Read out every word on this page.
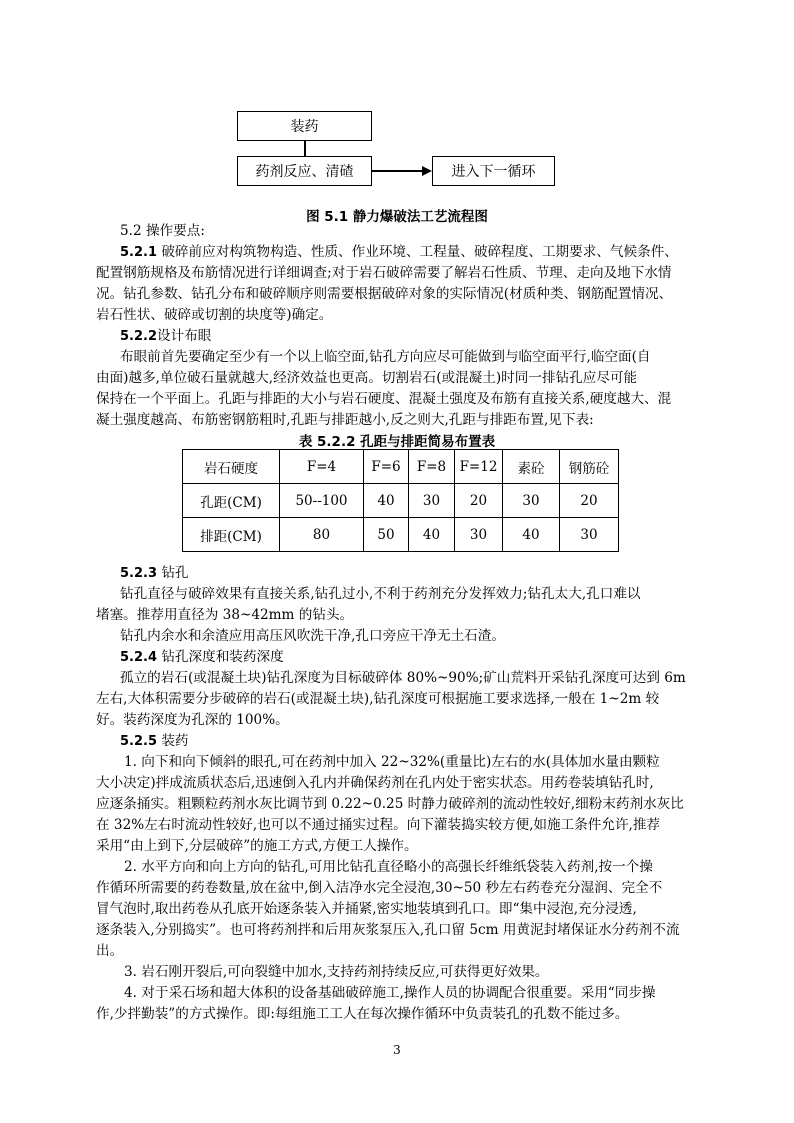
装药
药剂反应、清碴	进入下一循环
图 5.1 静力爆破法工艺流程图
5.2 操作要点:
5.2.1 破碎前应对构筑物构造、性质、作业环境、工程量、破碎程度、工期要求、气候条件、
配置钢筋规格及布筋情况进行详细调查;对于岩石破碎需要了解岩石性质、节理、走向及地下水情
况。钻孔参数、钻孔分布和破碎顺序则需要根据破碎对象的实际情况(材质种类、钢筋配置情况、
岩石性状、破碎或切割的块度等)确定。
5.2.2设计布眼
布眼前首先要确定至少有一个以上临空面,钻孔方向应尽可能做到与临空面平行,临空面(自
由面)越多,单位破石量就越大,经济效益也更高。切割岩石(或混凝土)时同一排钻孔应尽可能
保持在一个平面上。孔距与排距的大小与岩石硬度、混凝土强度及布筋有直接关系,硬度越大、混
凝土强度越高、布筋密钢筋粗时,孔距与排距越小,反之则大,孔距与排距布置,见下表:
表 5.2.2 孔距与排距简易布置表
岩石硬度	F=4	F=6	F=8	F=12	素砼	钢筋砼
孔距(CM)	50--100	40	30	20	30	20
排距(CM)	80	50	40	30	40	30
5.2.3 钻孔
钻孔直径与破碎效果有直接关系,钻孔过小,不利于药剂充分发挥效力;钻孔太大,孔口难以
堵塞。推荐用直径为 38~42mm 的钻头。
钻孔内余水和余渣应用高压风吹洗干净,孔口旁应干净无土石渣。
5.2.4 钻孔深度和装药深度
孤立的岩石(或混凝土块)钻孔深度为目标破碎体 80%~90%;矿山荒料开采钻孔深度可达到 6m
左右,大体积需要分步破碎的岩石(或混凝土块),钻孔深度可根据施工要求选择,一般在 1~2m 较
好。装药深度为孔深的 100%。
5.2.5 装药
1. 向下和向下倾斜的眼孔,可在药剂中加入 22~32%(重量比)左右的水(具体加水量由颗粒
大小决定)拌成流质状态后,迅速倒入孔内并确保药剂在孔内处于密实状态。用药卷装填钻孔时,
应逐条捅实。粗颗粒药剂水灰比调节到 0.22~0.25 时静力破碎剂的流动性较好,细粉末药剂水灰比
在 32%左右时流动性较好,也可以不通过捅实过程。向下灌装捣实较方便,如施工条件允许,推荐
采用“由上到下,分层破碎”的施工方式,方便工人操作。
2. 水平方向和向上方向的钻孔,可用比钻孔直径略小的高强长纤维纸袋装入药剂,按一个操
作循环所需要的药卷数量,放在盆中,倒入洁净水完全浸泡,30~50 秒左右药卷充分湿润、完全不
冒气泡时,取出药卷从孔底开始逐条装入并捅紧,密实地装填到孔口。即“集中浸泡,充分浸透,
逐条装入,分别捣实”。也可将药剂拌和后用灰浆泵压入,孔口留 5cm 用黄泥封堵保证水分药剂不流
出。
3. 岩石刚开裂后,可向裂缝中加水,支持药剂持续反应,可获得更好效果。
4. 对于采石场和超大体积的设备基础破碎施工,操作人员的协调配合很重要。采用“同步操
作,少拌勤装”的方式操作。即:每组施工工人在每次操作循环中负责装孔的孔数不能过多。
3
